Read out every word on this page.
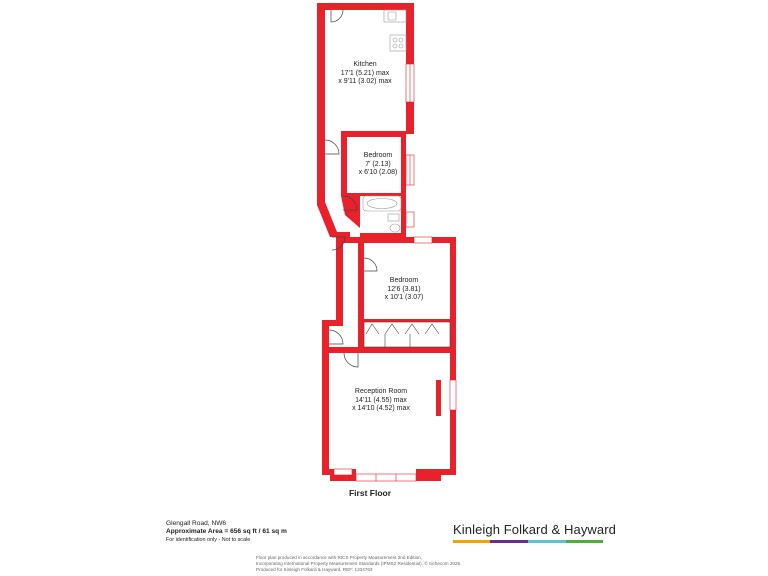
Kitchen
17'1 (5.21) max
x 9'11 (3.02) max
Bedroom
7' (2.13)
x 6'10 (2.08)
Bedroom
12'6 (3.81)
x 10'1 (3.07)
Reception Room
14'11 (4.55) max
x 14'10 (4.52) max
First Floor
Glengall Road, NW6
Approximate Area = 656 sq ft / 61 sq m
For identification only - Not to scale
Kinleigh Folkard & Hayward
Floor plan produced in accordance with RICS Property Measurement 2nd Edition,
Incorporating International Property Measurement Standards (IPMS2 Residential). © nichecom 2025.
Produced for Kinleigh Folkard & Hayward. REF: 1334763
